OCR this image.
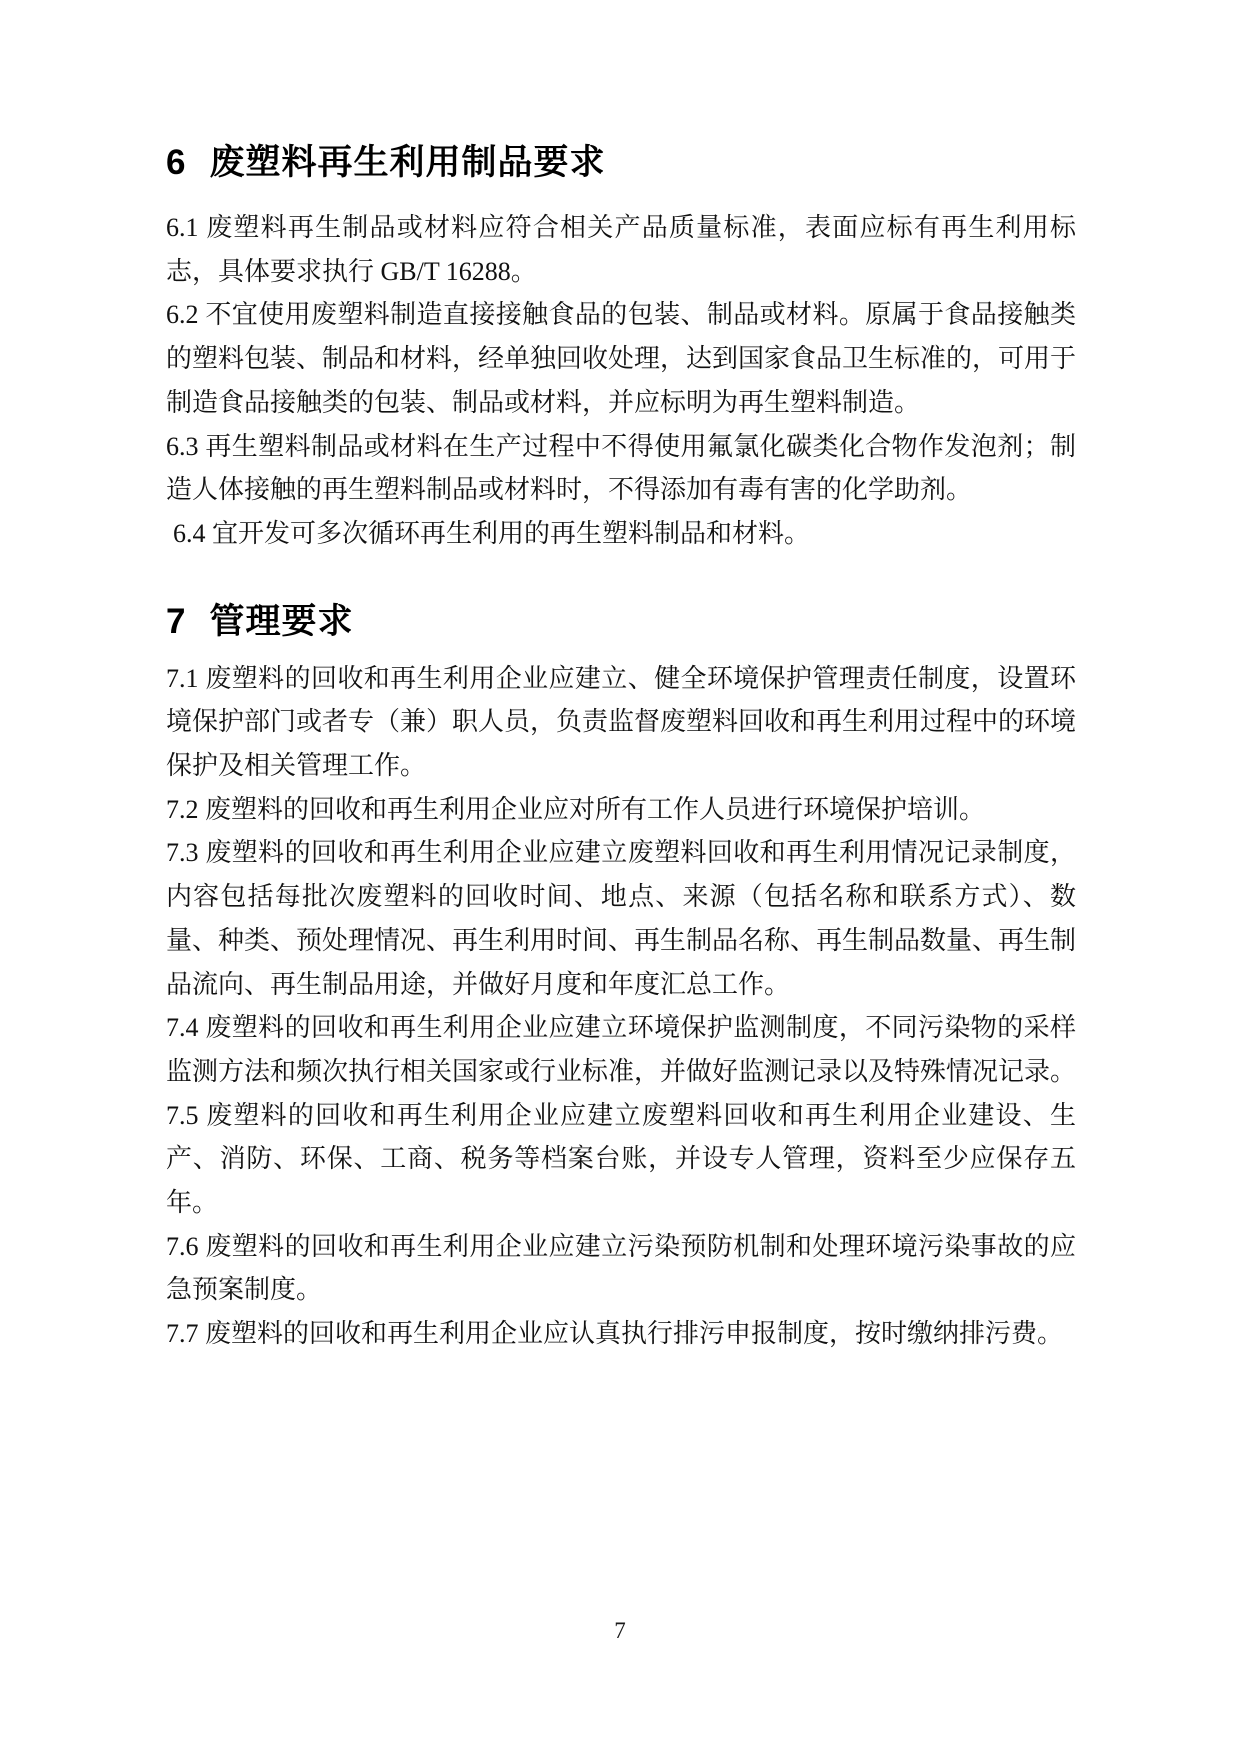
6 废塑料再生利用制品要求

6.1 废塑料再生制品或材料应符合相关产品质量标准，表面应标有再生利用标志，具体要求执行 GB/T 16288。

6.2 不宜使用废塑料制造直接接触食品的包装、制品或材料。原属于食品接触类的塑料包装、制品和材料，经单独回收处理，达到国家食品卫生标准的，可用于制造食品接触类的包装、制品或材料，并应标明为再生塑料制造。

6.3 再生塑料制品或材料在生产过程中不得使用氟氯化碳类化合物作发泡剂；制造人体接触的再生塑料制品或材料时，不得添加有毒有害的化学助剂。

6.4 宜开发可多次循环再生利用的再生塑料制品和材料。

7 管理要求

7.1 废塑料的回收和再生利用企业应建立、健全环境保护管理责任制度，设置环境保护部门或者专（兼）职人员，负责监督废塑料回收和再生利用过程中的环境保护及相关管理工作。

7.2 废塑料的回收和再生利用企业应对所有工作人员进行环境保护培训。

7.3 废塑料的回收和再生利用企业应建立废塑料回收和再生利用情况记录制度，内容包括每批次废塑料的回收时间、地点、来源（包括名称和联系方式）、数量、种类、预处理情况、再生利用时间、再生制品名称、再生制品数量、再生制品流向、再生制品用途，并做好月度和年度汇总工作。

7.4 废塑料的回收和再生利用企业应建立环境保护监测制度，不同污染物的采样监测方法和频次执行相关国家或行业标准，并做好监测记录以及特殊情况记录。

7.5 废塑料的回收和再生利用企业应建立废塑料回收和再生利用企业建设、生产、消防、环保、工商、税务等档案台账，并设专人管理，资料至少应保存五年。

7.6 废塑料的回收和再生利用企业应建立污染预防机制和处理环境污染事故的应急预案制度。

7.7 废塑料的回收和再生利用企业应认真执行排污申报制度，按时缴纳排污费。

7
